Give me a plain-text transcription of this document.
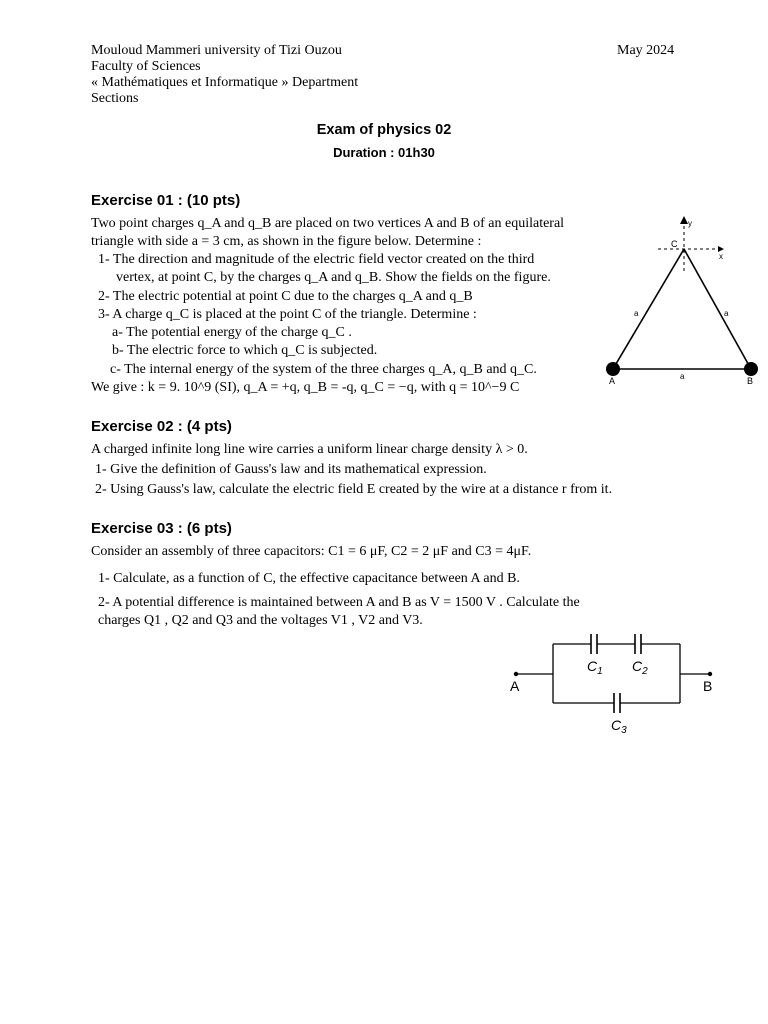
Mouloud Mammeri university of Tizi Ouzou
Faculty of Sciences
« Mathématiques et Informatique » Department
Sections
May 2024
Exam of physics 02
Duration : 01h30
Exercise 01 : (10 pts)
Two point charges q_A and q_B are placed on two vertices A and B of an equilateral
triangle with side a = 3 cm, as shown in the figure below. Determine :
1- The direction and magnitude of the electric field vector created on the third
vertex, at point C, by the charges q_A and q_B. Show the fields on the figure.
2- The electric potential at point C due to the charges q_A and q_B
3- A charge q_C is placed at the point C of the triangle. Determine :
a- The potential energy of the charge q_C .
b- The electric force to which q_C is subjected.
c- The internal energy of the system of the three charges q_A, q_B and q_C.
We give : k = 9. 10^9 (SI), q_A = +q, q_B = -q, q_C = −q, with q = 10^−9 C
y
x
C
A	B
a	a
a
Exercise 02 : (4 pts)
A charged infinite long line wire carries a uniform linear charge density λ > 0.
1- Give the definition of Gauss's law and its mathematical expression.
2- Using Gauss's law, calculate the electric field E created by the wire at a distance r from it.
Exercise 03 : (6 pts)
Consider an assembly of three capacitors: C1 = 6 μF, C2 = 2 μF and C3 = 4μF.
1- Calculate, as a function of C, the effective capacitance between A and B.
2- A potential difference is maintained between A and B as V = 1500 V . Calculate the
charges Q1 , Q2 and Q3 and the voltages V1 , V2 and V3.
A	B
$C_1$ $C_2$
$C_3$
